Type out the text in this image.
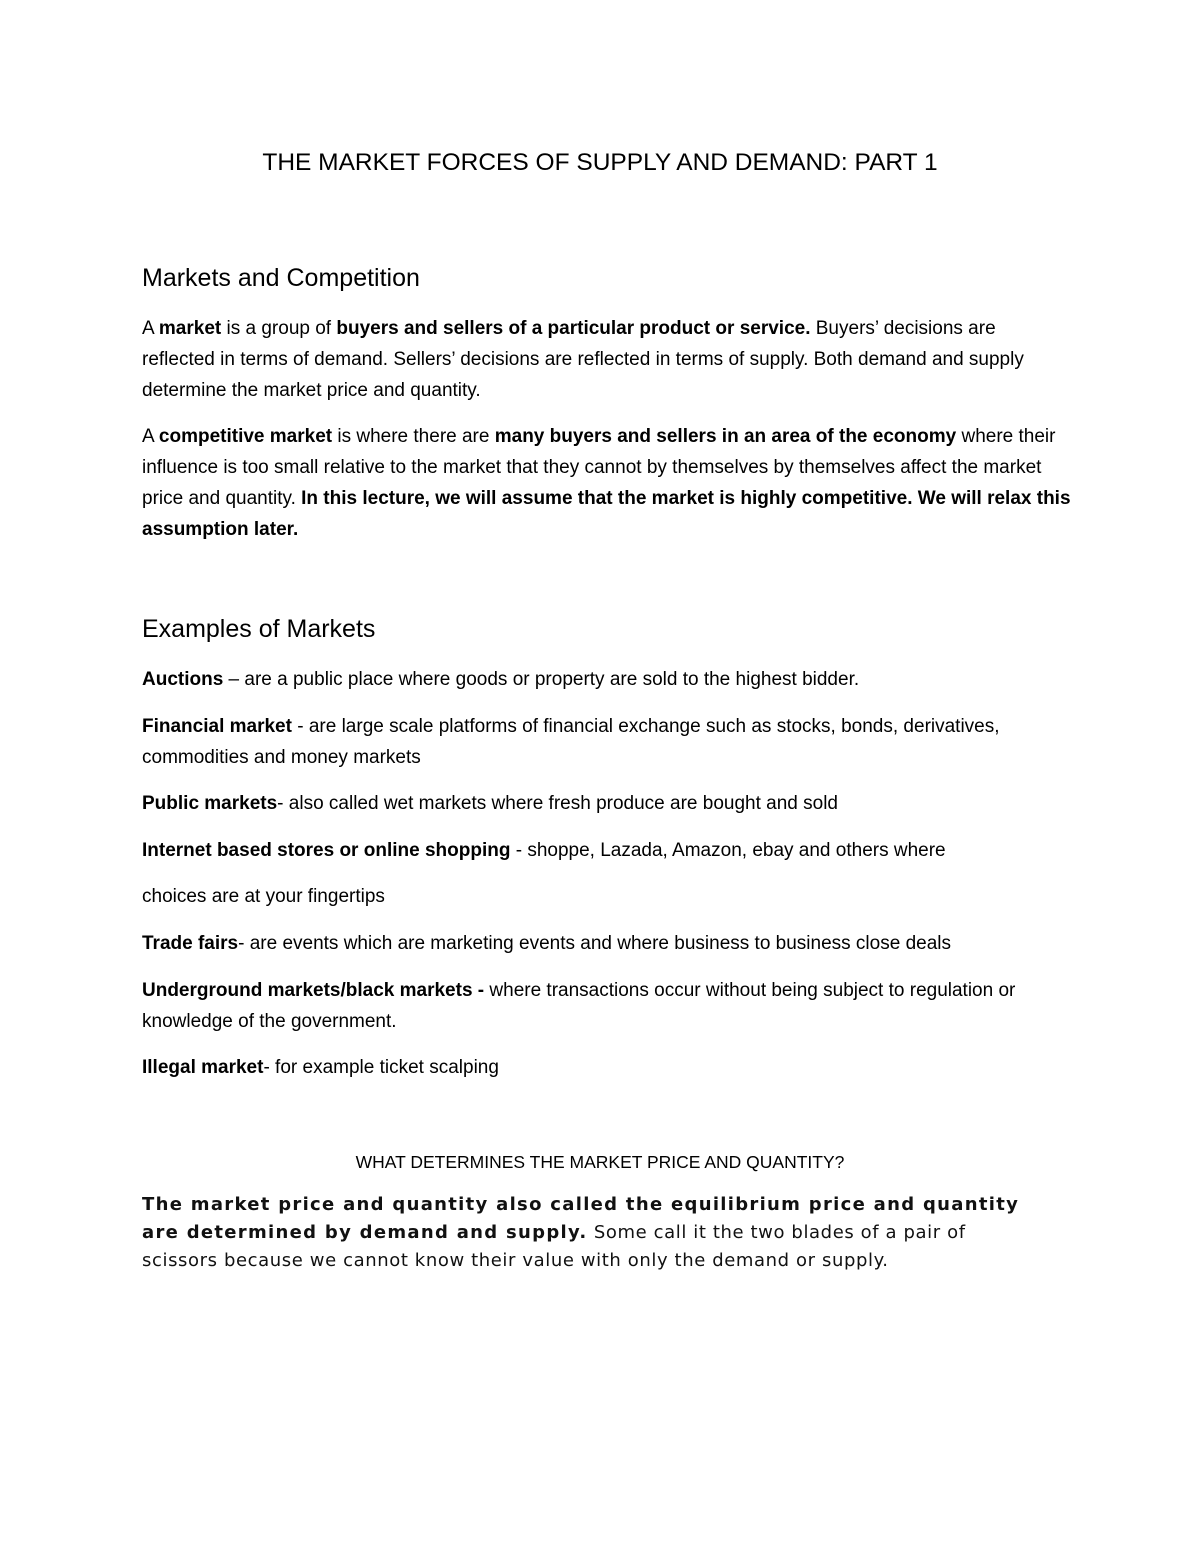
THE MARKET FORCES OF SUPPLY AND DEMAND: PART 1
Markets and Competition

A market is a group of buyers and sellers of a particular product or service. Buyers’ decisions are reflected in terms of demand. Sellers’ decisions are reflected in terms of supply. Both demand and supply determine the market price and quantity.

A competitive market is where there are many buyers and sellers in an area of the economy where their influence is too small relative to the market that they cannot by themselves by themselves affect the market price and quantity. In this lecture, we will assume that the market is highly competitive. We will relax this assumption later.

Examples of Markets

Auctions – are a public place where goods or property are sold to the highest bidder.

Financial market - are large scale platforms of financial exchange such as stocks, bonds, derivatives, commodities and money markets

Public markets- also called wet markets where fresh produce are bought and sold

Internet based stores or online shopping - shoppe, Lazada, Amazon, ebay and others where

choices are at your fingertips

Trade fairs- are events which are marketing events and where business to business close deals

Underground markets/black markets - where transactions occur without being subject to regulation or knowledge of the government.

Illegal market- for example ticket scalping

WHAT DETERMINES THE MARKET PRICE AND QUANTITY?

The market price and quantity also called the equilibrium price and quantity are determined by demand and supply. Some call it the two blades of a pair of scissors because we cannot know their value with only the demand or supply.
